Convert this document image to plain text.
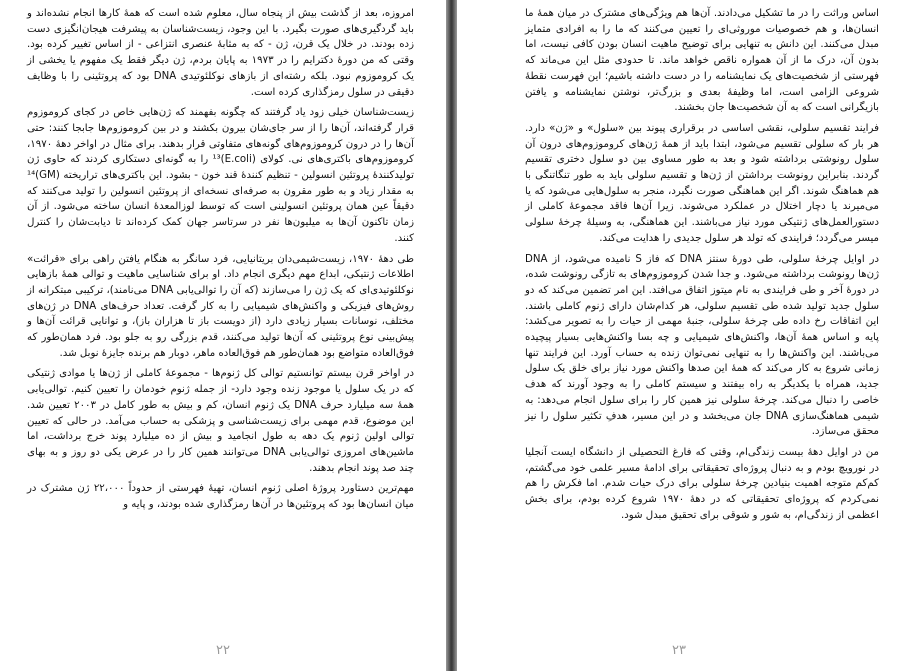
امروزه، بعد از گذشت بیش از پنجاه سال، معلوم شده است که همهٔ کارها انجام نشده‌اند و باید گردگیری‌های صورت بگیرد. با این وجود، زیست‌شناسان به پیشرفت هیجان‌انگیزی دست زده بودند. در خلال یک قرن، ژن - که به مثابهٔ عنصری انتزاعی - از اساس تغییر کرده بود. وقتی که من دورهٔ دکترایم را در ۱۹۷۳ به پایان بردم، ژن دیگر فقط یک مفهوم یا یخشی از یک کروموزوم نبود. بلکه رشته‌ای از بازهای نوکلئوتیدی DNA بود که پروتئینی را با وظایف دقیقی در سلول رمزگذاری کرده است.

زیست‌شناسان خیلی زود یاد گرفتند که چگونه بفهمند که ژن‌هایی خاص در کجای کروموزوم قرار گرفته‌اند، آن‌ها را از سر جای‌شان بیرون بکشند و در بین کروموزوم‌ها جابجا کنند: حتی آن‌ها را در درون کروموزوم‌های گونه‌های متفاوتی قرار بدهند. برای مثال در اواخر دههٔ ۱۹۷۰، کروموزوم‌های باکتری‌های نی. کولای (E.coli)¹³ را به گونه‌ای دستکاری کردند که حاوی ژن تولیدکنندهٔ پروتئین انسولین - تنظیم کنندهٔ قند خون - بشود. این باکتری‌های تراریخته (GM)¹⁴ به مقدار زیاد و به طور مقرون به صرفه‌ای نسخه‌ای از پروتئین انسولین را تولید می‌کنند که دقیقاً عین همان پروتئین انسولینی است که توسط لوزالمعدهٔ انسان ساخته می‌شود. از آن زمان تاکنون آن‌ها به میلیون‌ها نفر در سرتاسر جهان کمک کرده‌اند تا دیابت‌شان را کنترل کنند.

طی دههٔ ۱۹۷۰، زیست‌شیمی‌دان بریتانیایی، فرد سانگر به هنگام یافتن راهی برای «قرائت» اطلاعات ژنتیکی، ابداع مهم دیگری انجام داد. او برای شناسایی ماهیت و توالی همهٔ بازهایی نوکلئوتیدی‌ای که یک ژن را می‌سازند (که آن را توالی‌یابی DNA می‌نامند)، ترکیبی مبتکرانه از روش‌های فیزیکی و واکنش‌های شیمیایی را به کار گرفت. تعداد حرف‌های DNA در ژن‌های مختلف، نوسانات بسیار زیادی دارد (از دویست باز تا هزاران باز)، و توانایی قرائت آن‌ها و پیش‌بینی نوع پروتئینی که آن‌ها تولید می‌کنند، قدم بزرگی رو به جلو بود. فرد همان‌طور که فوق‌العاده متواضع بود همان‌طور هم فوق‌العاده ماهر، دوبار هم برنده جایزهٔ نوبل شد.

در اواخر قرن بیستم توانستیم توالی کل ژنوم‌ها - مجموعهٔ کاملی از ژن‌ها یا موادی ژنتیکی که در یک سلول یا موجود زنده وجود دارد- از جمله ژنوم خودمان را تعیین کنیم. توالی‌یابی همهٔ سه میلیارد حرف DNA یک ژنوم انسان، کم و بیش به طور کامل در ۲۰۰۳ تعیین شد. این موضوع، قدم مهمی برای زیست‌شناسی و پزشکی به حساب می‌آمد. در حالی که تعیین توالی اولین ژنوم یک دهه به طول انجامید و بیش از ده میلیارد پوند خرج برداشت، اما ماشین‌های امروزی توالی‌یابی DNA می‌توانند همین کار را در عرض یکی دو روز و به بهای چند صد پوند انجام بدهند.

مهم‌ترین دستاورد پروژهٔ اصلی ژنوم انسان، تهیهٔ فهرستی از حدوداً ۲۲،۰۰۰ ژن مشترک در میان انسان‌ها بود که پروتئین‌ها در آن‌ها رمزگذاری شده بودند، و پایه و

۲۲

اساس وراثت را در ما تشکیل می‌دادند. آن‌ها هم ویژگی‌های مشترک در میان همهٔ ما انسان‌ها، و هم خصوصیات موروثی‌ای را تعیین می‌کنند که ما را به افرادی متمایز مبدل می‌کنند. این دانش به تنهایی برای توضیح ماهیت انسان بودن کافی نیست، اما بدون آن، درک ما از آن همواره ناقص خواهد ماند. تا حدودی مثل این می‌ماند که فهرستی از شخصیت‌های یک نمایشنامه را در دست داشته باشیم؛ این فهرست نقطهٔ شروعی الزامی است، اما وظیفهٔ بعدی و بزرگ‌تر، نوشتن نمایشنامه و یافتن بازیگرانی است که به آن شخصیت‌ها جان بخشند.

فرایند تقسیم سلولی، نقشی اساسی در برقراری پیوند بین «سلول» و «ژن» دارد. هر بار که سلولی تقسیم می‌شود، ابتدا باید از همهٔ ژن‌های کروموزوم‌های درون آن سلول رونوشتی برداشته شود و بعد به طور مساوی بین دو سلول دختری تقسیم گردند. بنابراین رونوشت برداشتن از ژن‌ها و تقسیم سلولی باید به طور تنگاتنگی با هم هماهنگ شوند. اگر این هماهنگی صورت نگیرد، منجر به سلول‌هایی می‌شود که یا می‌میرند یا دچار اختلال در عملکرد می‌شوند. زیرا آن‌ها فاقد مجموعهٔ کاملی از دستورالعمل‌های ژنتیکی مورد نیاز می‌باشند. این هماهنگی، به وسیلهٔ چرخهٔ سلولی میسر می‌گردد؛ فرایندی که تولد هر سلول جدیدی را هدایت می‌کند.

در اوایل چرخهٔ سلولی، طی دورهٔ سنتز DNA که فاز S نامیده می‌شود، از DNA ژن‌ها رونوشت برداشته می‌شود. و جدا شدن کروموزوم‌های به تازگی رونوشت شده، در دورهٔ آخر و طی فرایندی به نام میتوز اتفاق می‌افتد. این امر تضمین می‌کند که دو سلول جدید تولید شده طی تقسیم سلولی، هر کدام‌شان دارای ژنوم کاملی باشند. این اتفاقات رخ داده طی چرخهٔ سلولی، جنبهٔ مهمی از حیات را به تصویر می‌کشد: پایه و اساس همهٔ آن‌ها، واکنش‌های شیمیایی و چه بسا واکنش‌هایی بسیار پیچیده می‌باشند. این واکنش‌ها را به تنهایی نمی‌توان زنده به حساب آورد. این فرایند تنها زمانی شروع به کار می‌کند که همهٔ این صدها واکنش مورد نیاز برای خلق یک سلول جدید، همراه با یکدیگر به راه بیفتند و سیستم کاملی را به وجود آورند که هدف خاصی را دنبال می‌کند. چرخهٔ سلولی نیز همین کار را برای سلول انجام می‌دهد: به شیمی هماهنگ‌سازی DNA جان می‌بخشد و در این مسیر، هدفِ تکثیر سلول را نیز محقق می‌سازد.

من در اوایل دههٔ بیست زندگی‌ام، وقتی که فارغ التحصیلی از دانشگاه ایست آنجلیا در نورویچ بودم و به دنبال پروژه‌ای تحقیقاتی برای ادامهٔ مسیر علمی خود می‌گشتم، کم‌کم متوجه اهمیت بنیادین چرخهٔ سلولی برای درک حیات شدم. اما فکرش را هم نمی‌کردم که پروژه‌ای تحقیقاتی که در دههٔ ۱۹۷۰ شروع کرده بودم، برای بخش اعظمی از زندگی‌ام، به شور و شوقی برای تحقیق مبدل شود.

۲۳
